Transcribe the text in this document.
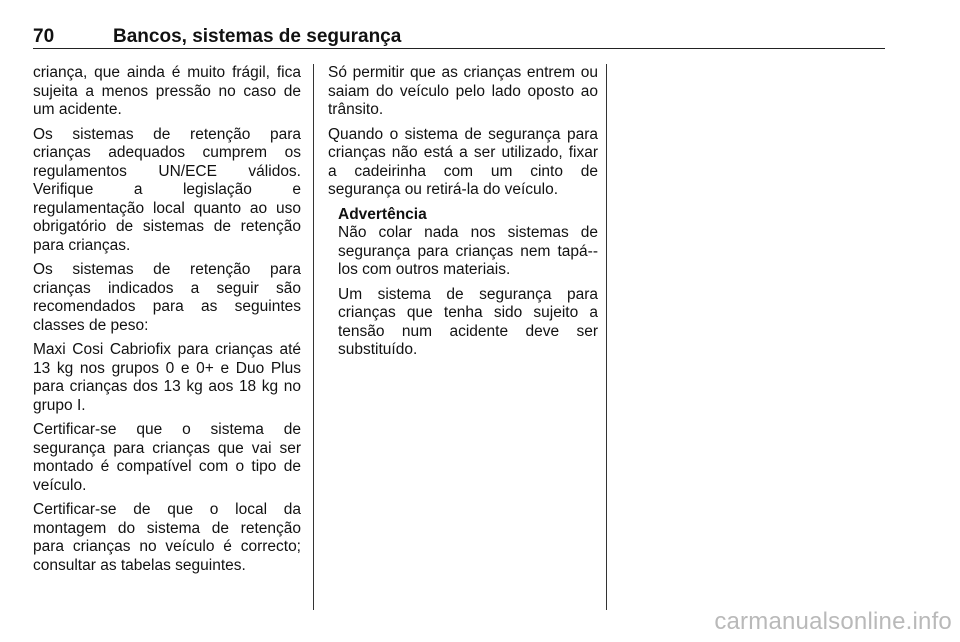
70	Bancos, sistemas de segurança

criança, que ainda é muito frágil, fica sujeita a menos pressão no caso de um acidente.

Os sistemas de retenção para crianças adequados cumprem os regulamentos UN/ECE válidos. Verifique a legislação e regulamentação local quanto ao uso obrigatório de sistemas de retenção para crianças.

Os sistemas de retenção para crianças indicados a seguir são recomendados para as seguintes classes de peso:

Maxi Cosi Cabriofix para crianças até 13 kg nos grupos 0 e 0+ e Duo Plus para crianças dos 13 kg aos 18 kg no grupo I.

Certificar-se que o sistema de segurança para crianças que vai ser montado é compatível com o tipo de veículo.

Certificar-se de que o local da montagem do sistema de retenção para crianças no veículo é correcto; consultar as tabelas seguintes.

Só permitir que as crianças entrem ou saiam do veículo pelo lado oposto ao trânsito.

Quando o sistema de segurança para crianças não está a ser utilizado, fixar a cadeirinha com um cinto de segurança ou retirá-la do veículo.

Advertência

Não colar nada nos sistemas de segurança para crianças nem tapá--los com outros materiais.

Um sistema de segurança para crianças que tenha sido sujeito a tensão num acidente deve ser substituído.

carmanualsonline.info
